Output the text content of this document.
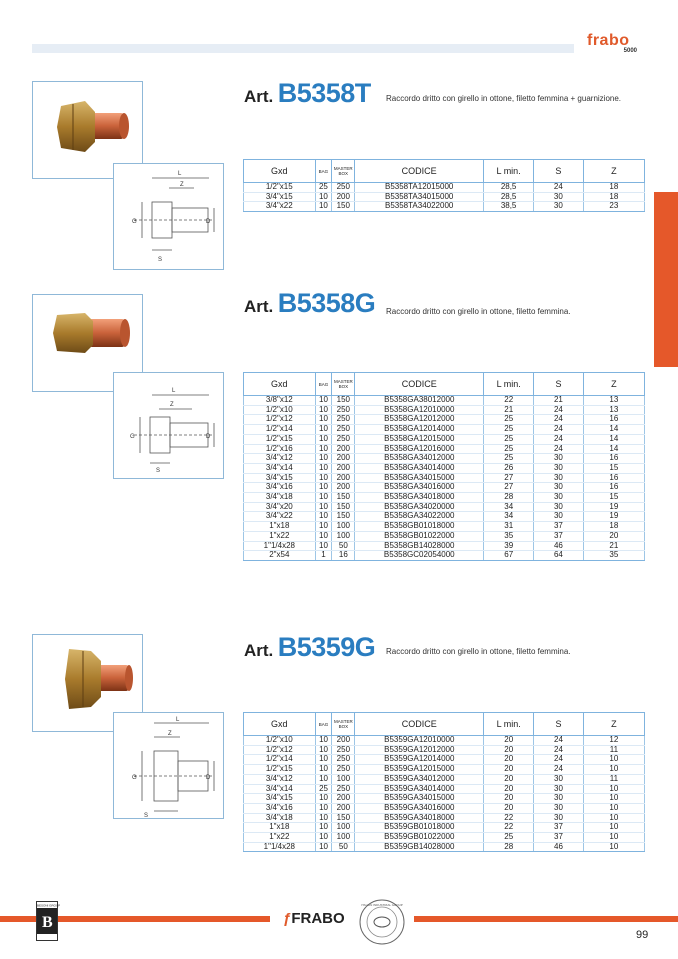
frabo
5000
L
Z
G	D
S
Art. B5358T Raccordo dritto con girello in ottone, filetto femmina + guarnizione.
Gxd	BAG	MASTER BOX	CODICE	L min.	S	Z
1/2"x15	25	250	B5358TA12015000	28,5	24	18
3/4"x15	10	200	B5358TA34015000	28,5	30	18
3/4"x22	10	150	B5358TA34022000	38,5	30	23
L
Z
G	D
S
Art. B5358G Raccordo dritto con girello in ottone, filetto femmina.
Gxd	BAG	MASTER BOX	CODICE	L min.	S	Z
3/8"x12	10	150	B5358GA38012000	22	21	13
1/2"x10	10	250	B5358GA12010000	21	24	13
1/2"x12	10	250	B5358GA12012000	25	24	16
1/2"x14	10	250	B5358GA12014000	25	24	14
1/2"x15	10	250	B5358GA12015000	25	24	14
1/2"x16	10	200	B5358GA12016000	25	24	14
3/4"x12	10	200	B5358GA34012000	25	30	16
3/4"x14	10	200	B5358GA34014000	26	30	15
3/4"x15	10	200	B5358GA34015000	27	30	16
3/4"x16	10	200	B5358GA34016000	27	30	16
3/4"x18	10	150	B5358GA34018000	28	30	15
3/4"x20	10	150	B5358GA34020000	34	30	19
3/4"x22	10	150	B5358GA34022000	34	30	19
1"x18	10	100	B5358GB01018000	31	37	18
1"x22	10	100	B5358GB01022000	35	37	20
1"1/4x28	10	50	B5358GB14028000	39	46	21
2"x54	1	16	B5358GC02054000	67	64	35
L
Z
G	D
S
Art. B5359G Raccordo dritto con girello in ottone, filetto femmina.
Gxd	BAG	MASTER BOX	CODICE	L min.	S	Z
1/2"x10	10	200	B5359GA12010000	20	24	12
1/2"x12	10	250	B5359GA12012000	20	24	11
1/2"x14	10	250	B5359GA12014000	20	24	10
1/2"x15	10	250	B5359GA12015000	20	24	10
3/4"x12	10	100	B5359GA34012000	20	30	11
3/4"x14	25	250	B5359GA34014000	20	30	10
3/4"x15	10	200	B5359GA34015000	20	30	10
3/4"x16	10	200	B5359GA34016000	20	30	10
3/4"x18	10	150	B5359GA34018000	22	30	10
1"x18	10	100	B5359GB01018000	22	37	10
1"x22	10	100	B5359GB01022000	25	37	10
1"1/4x28	10	50	B5359GB14028000	28	46	10
B
BESONI GROUP
ƒFRABO
ITALIAN INDUSTRIAL GROUP
99
